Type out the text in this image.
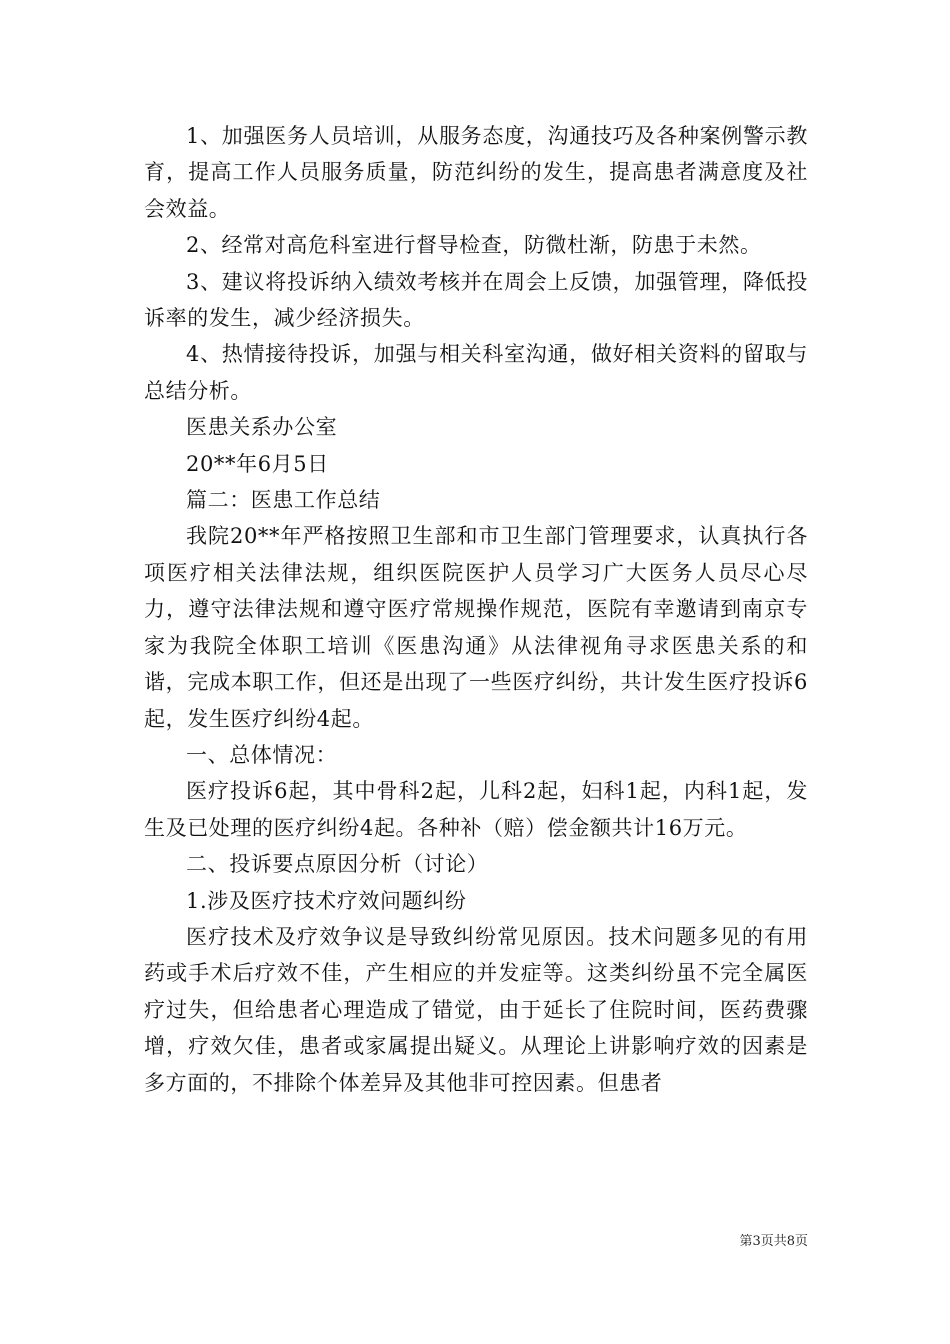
1、加强医务人员培训，从服务态度，沟通技巧及各种案例警示教育，提高工作人员服务质量，防范纠纷的发生，提高患者满意度及社会效益。

2、经常对高危科室进行督导检查，防微杜渐，防患于未然。

3、建议将投诉纳入绩效考核并在周会上反馈，加强管理，降低投诉率的发生，减少经济损失。

4、热情接待投诉，加强与相关科室沟通，做好相关资料的留取与总结分析。

医患关系办公室

20**年6月5日

篇二：医患工作总结

我院20**年严格按照卫生部和市卫生部门管理要求，认真执行各项医疗相关法律法规，组织医院医护人员学习广大医务人员尽心尽力，遵守法律法规和遵守医疗常规操作规范，医院有幸邀请到南京专家为我院全体职工培训《医患沟通》从法律视角寻求医患关系的和谐，完成本职工作，但还是出现了一些医疗纠纷，共计发生医疗投诉6起，发生医疗纠纷4起。

一、总体情况：

医疗投诉6起，其中骨科2起，儿科2起，妇科1起，内科1起，发生及已处理的医疗纠纷4起。各种补（赔）偿金额共计16万元。

二、投诉要点原因分析（讨论）

1.涉及医疗技术疗效问题纠纷

医疗技术及疗效争议是导致纠纷常见原因。技术问题多见的有用药或手术后疗效不佳，产生相应的并发症等。这类纠纷虽不完全属医疗过失，但给患者心理造成了错觉，由于延长了住院时间，医药费骤增，疗效欠佳，患者或家属提出疑义。从理论上讲影响疗效的因素是多方面的，不排除个体差异及其他非可控因素。但患者

第3页共8页
